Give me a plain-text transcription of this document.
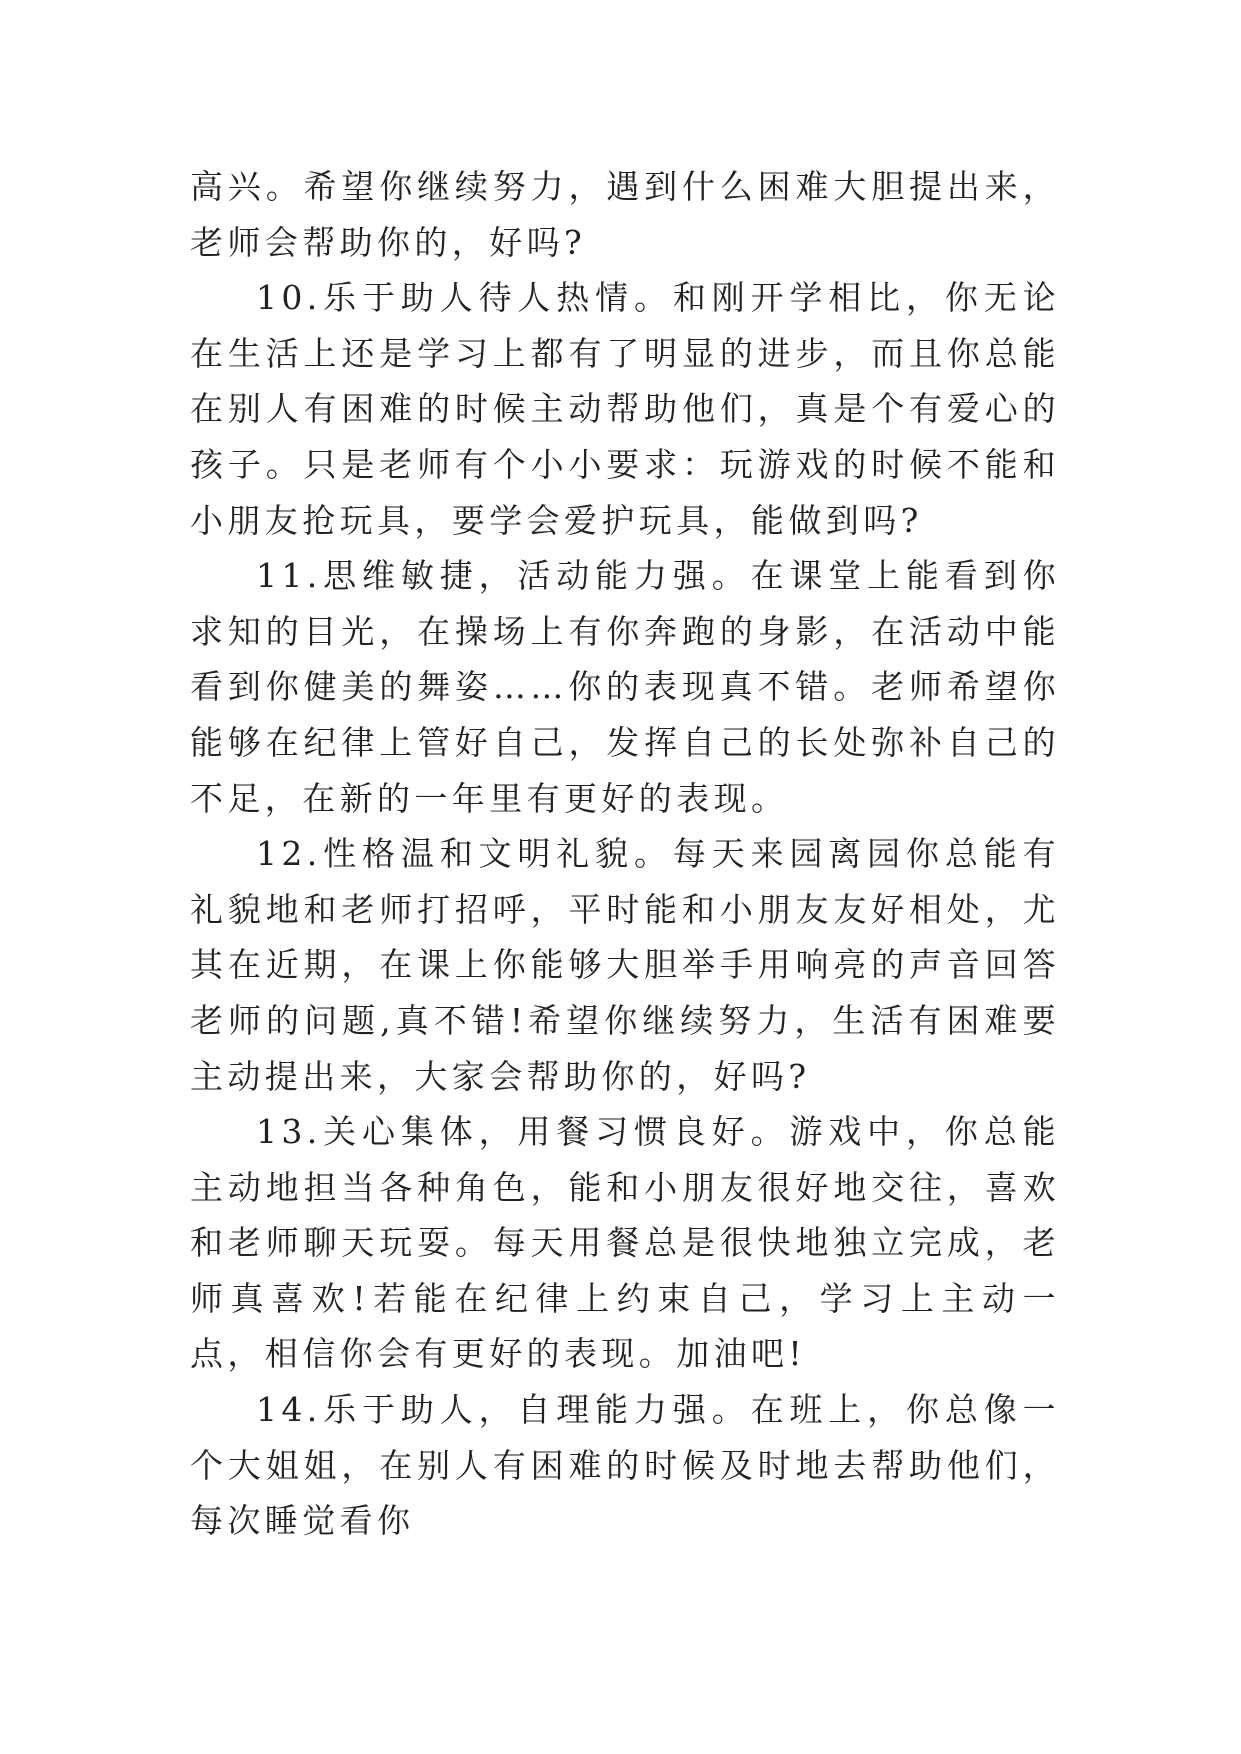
高兴。希望你继续努力，遇到什么困难大胆提出来，老师会帮助你的，好吗?

10.乐于助人待人热情。和刚开学相比，你无论在生活上还是学习上都有了明显的进步，而且你总能在别人有困难的时候主动帮助他们，真是个有爱心的孩子。只是老师有个小小要求：玩游戏的时候不能和小朋友抢玩具，要学会爱护玩具，能做到吗?

11.思维敏捷，活动能力强。在课堂上能看到你求知的目光，在操场上有你奔跑的身影，在活动中能看到你健美的舞姿……你的表现真不错。老师希望你能够在纪律上管好自己，发挥自己的长处弥补自己的不足，在新的一年里有更好的表现。

12.性格温和文明礼貌。每天来园离园你总能有礼貌地和老师打招呼，平时能和小朋友友好相处，尤其在近期，在课上你能够大胆举手用响亮的声音回答老师的问题,真不错!希望你继续努力，生活有困难要主动提出来，大家会帮助你的，好吗?

13.关心集体，用餐习惯良好。游戏中，你总能主动地担当各种角色，能和小朋友很好地交往，喜欢和老师聊天玩耍。每天用餐总是很快地独立完成，老师真喜欢!若能在纪律上约束自己，学习上主动一点，相信你会有更好的表现。加油吧!

14.乐于助人，自理能力强。在班上，你总像一个大姐姐，在别人有困难的时候及时地去帮助他们，每次睡觉看你
